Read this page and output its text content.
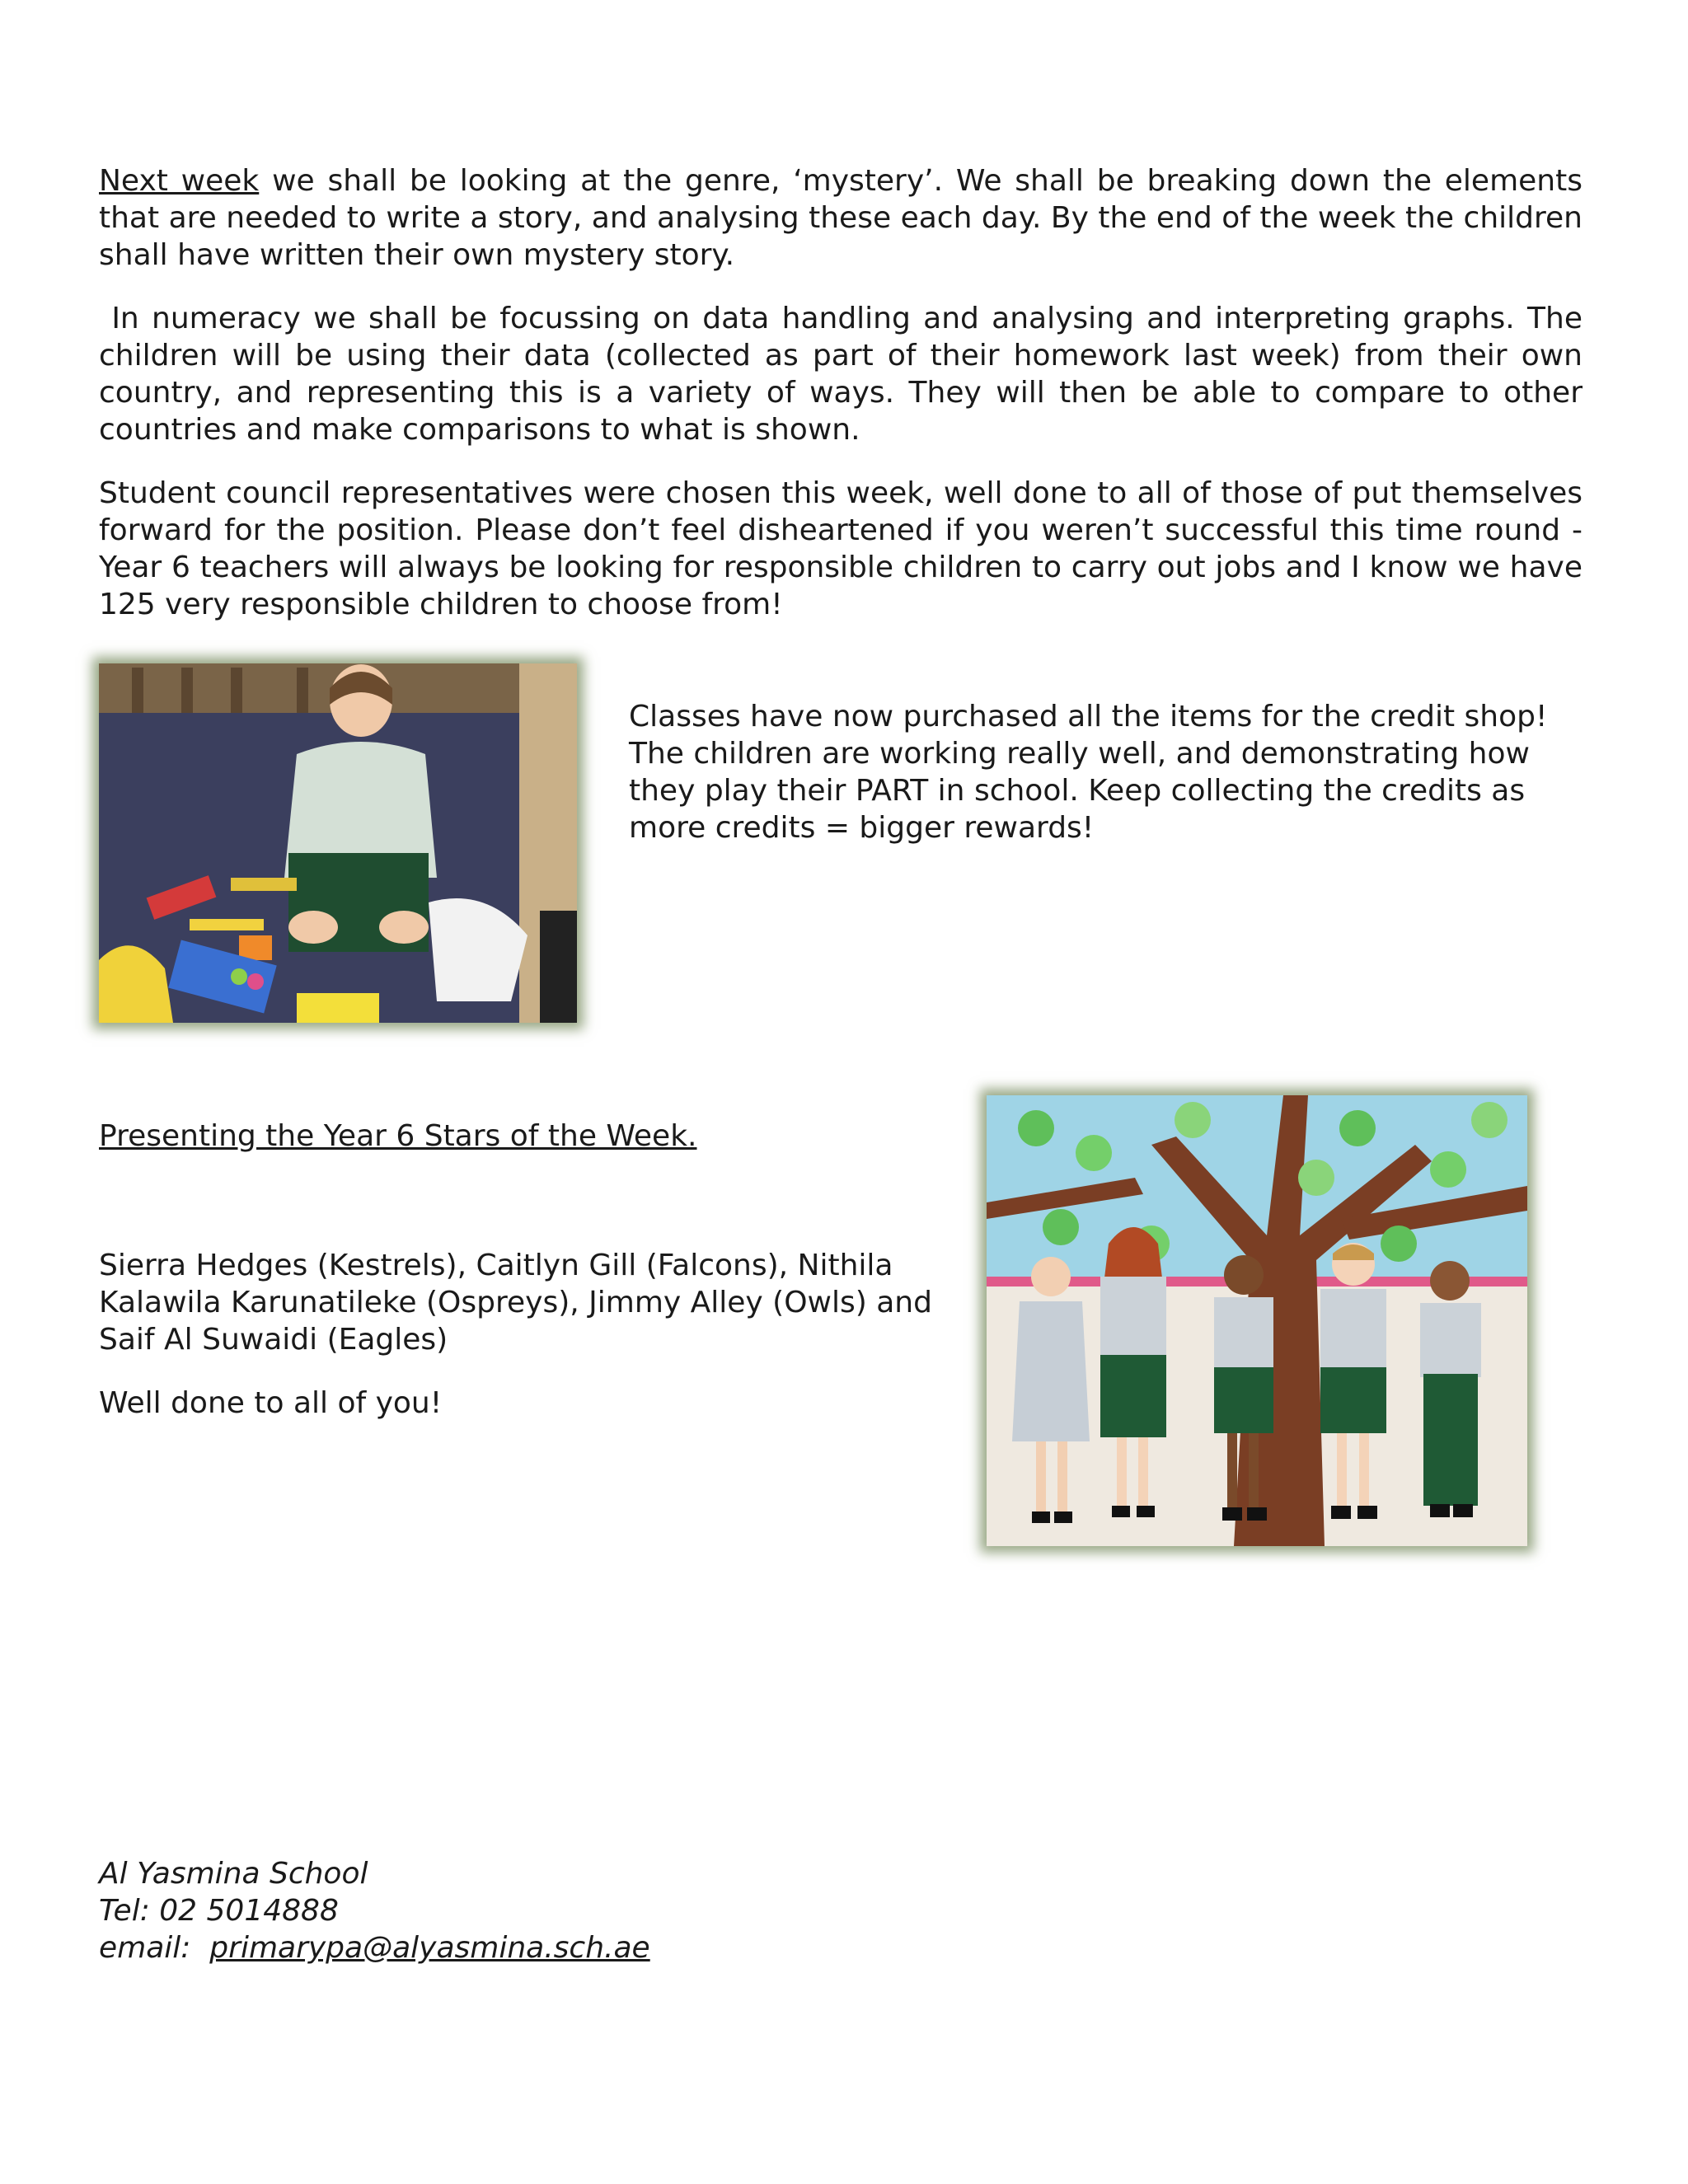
Next week we shall be looking at the genre, ‘mystery’. We shall be breaking down the elements that are needed to write a story, and analysing these each day. By the end of the week the children shall have written their own mystery story.

In numeracy we shall be focussing on data handling and analysing and interpreting graphs. The children will be using their data (collected as part of their homework last week) from their own country, and representing this is a variety of ways. They will then be able to compare to other countries and make comparisons to what is shown.

Student council representatives were chosen this week, well done to all of those of put themselves forward for the position. Please don’t feel disheartened if you weren’t successful this time round - Year 6 teachers will always be looking for responsible children to carry out jobs and I know we have 125 very responsible children to choose from!

Classes have now purchased all the items for the credit shop! The children are working really well, and demonstrating how they play their PART in school. Keep collecting the credits as more credits = bigger rewards!

Presenting the Year 6 Stars of the Week.

Sierra Hedges (Kestrels), Caitlyn Gill (Falcons), Nithila Kalawila Karunatileke (Ospreys), Jimmy Alley (Owls) and Saif Al Suwaidi (Eagles)

Well done to all of you!

Al Yasmina School
Tel: 02 5014888
email:  primarypa@alyasmina.sch.ae
